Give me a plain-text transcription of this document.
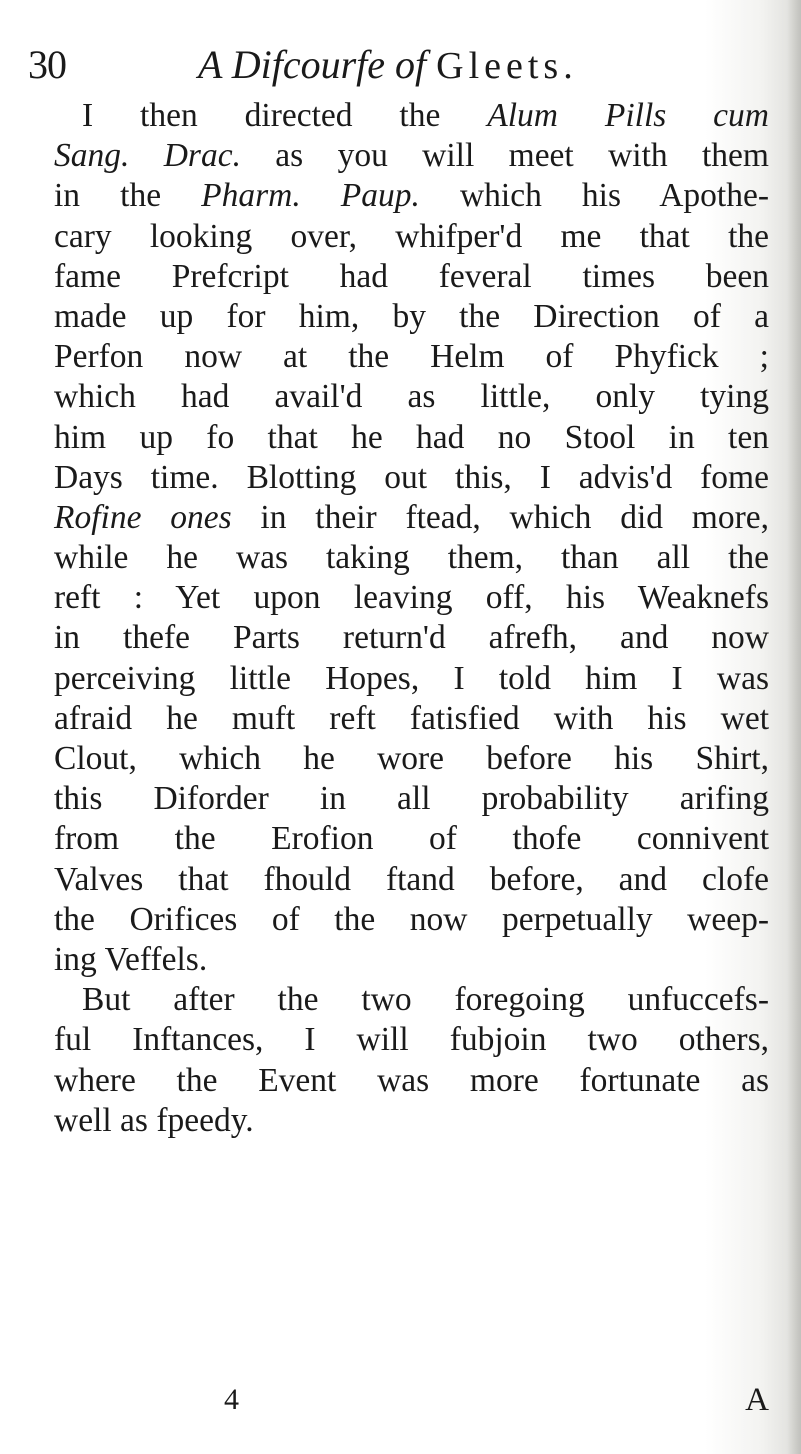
30	A Difcourfe of Gleets.
I then directed the Alum Pills cum
Sang. Drac. as you will meet with them
in the Pharm. Paup. which his Apothe-
cary looking over, whifper'd me that the
fame Prefcript had feveral times been
made up for him, by the Direction of a
Perfon now at the Helm of Phyfick ;
which had avail'd as little, only tying
him up fo that he had no Stool in ten
Days time. Blotting out this, I advis'd fome
Rofine ones in their ftead, which did more,
while he was taking them, than all the
reft : Yet upon leaving off, his Weaknefs
in thefe Parts return'd afrefh, and now
perceiving little Hopes, I told him I was
afraid he muft reft fatisfied with his wet
Clout, which he wore before his Shirt,
this Diforder in all probability arifing
from the Erofion of thofe connivent
Valves that fhould ftand before, and clofe
the Orifices of the now perpetually weep-
ing Veffels.
But after the two foregoing unfuccefs-
ful Inftances, I will fubjoin two others,
where the Event was more fortunate as
well as fpeedy.
4	A
